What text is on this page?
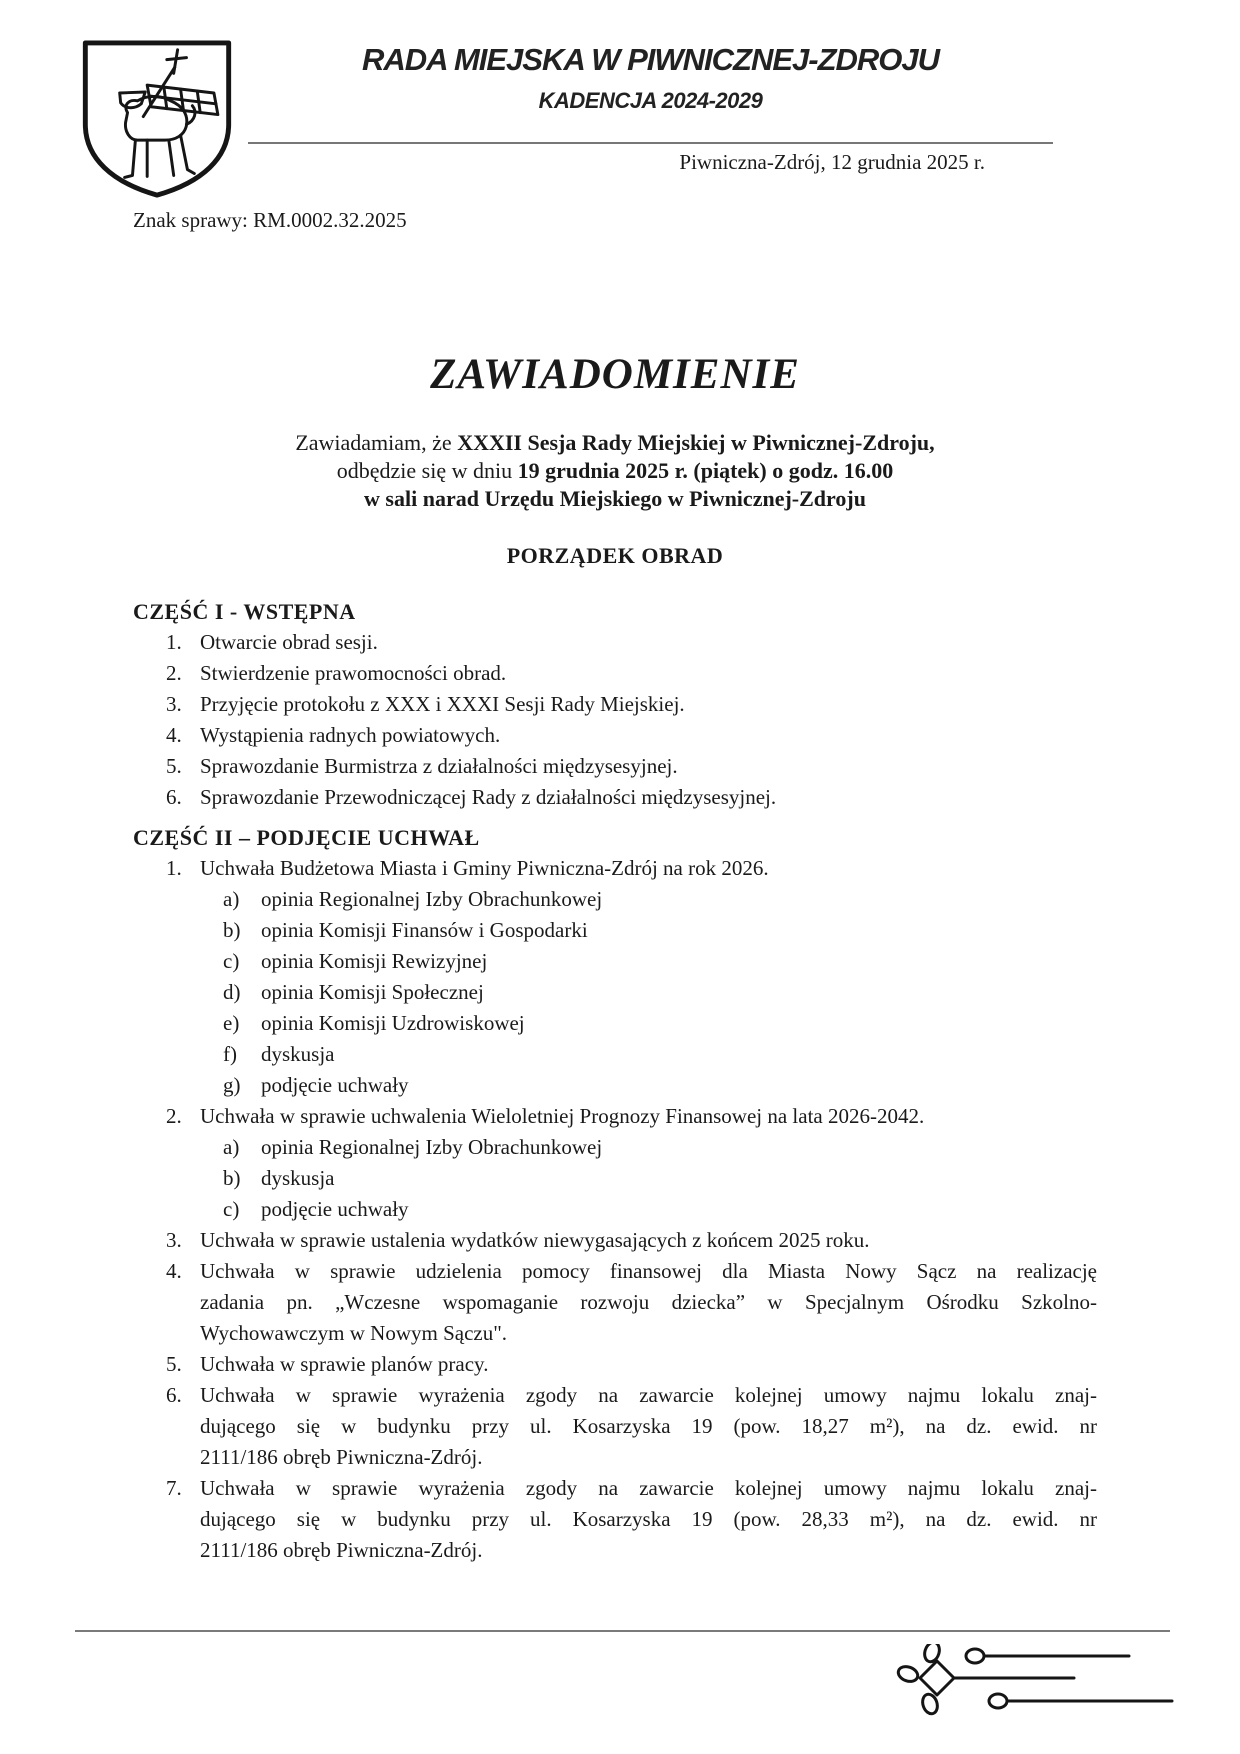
RADA MIEJSKA W PIWNICZNEJ-ZDROJU
KADENCJA 2024-2029
Piwniczna-Zdrój, 12 grudnia 2025 r.
Znak sprawy: RM.0002.32.2025
ZAWIADOMIENIE
Zawiadamiam, że XXXII Sesja Rady Miejskiej w Piwnicznej-Zdroju,
odbędzie się w dniu 19 grudnia 2025 r. (piątek) o godz. 16.00
w sali narad Urzędu Miejskiego w Piwnicznej-Zdroju
PORZĄDEK OBRAD
CZĘŚĆ I - WSTĘPNA
1. Otwarcie obrad sesji.
2. Stwierdzenie prawomocności obrad.
3. Przyjęcie protokołu z XXX i XXXI Sesji Rady Miejskiej.
4. Wystąpienia radnych powiatowych.
5. Sprawozdanie Burmistrza z działalności międzysesyjnej.
6. Sprawozdanie Przewodniczącej Rady z działalności międzysesyjnej.
CZĘŚĆ II – PODJĘCIE UCHWAŁ
1. Uchwała Budżetowa Miasta i Gminy Piwniczna-Zdrój na rok 2026.
a)	opinia Regionalnej Izby Obrachunkowej
b) opinia Komisji Finansów i Gospodarki
c)	opinia Komisji Rewizyjnej
d) opinia Komisji Społecznej
e)	opinia Komisji Uzdrowiskowej
f)	dyskusja
g) podjęcie uchwały
2. Uchwała w sprawie uchwalenia Wieloletniej Prognozy Finansowej na lata 2026-2042.
a)	opinia Regionalnej Izby Obrachunkowej
b) dyskusja
c)	podjęcie uchwały
3. Uchwała w sprawie ustalenia wydatków niewygasających z końcem 2025 roku.
4. Uchwała w sprawie udzielenia pomocy finansowej dla Miasta Nowy Sącz na realizację
zadania pn. „Wczesne wspomaganie rozwoju dziecka” w Specjalnym Ośrodku Szkolno-
Wychowawczym w Nowym Sączu".
5. Uchwała w sprawie planów pracy.
6. Uchwała w sprawie wyrażenia zgody na zawarcie kolejnej umowy najmu lokalu znaj-
dującego się w budynku przy ul. Kosarzyska 19 (pow. 18,27 m²), na dz. ewid. nr
2111/186 obręb Piwniczna-Zdrój.
7. Uchwała w sprawie wyrażenia zgody na zawarcie kolejnej umowy najmu lokalu znaj-
dującego się w budynku przy ul. Kosarzyska 19 (pow. 28,33 m²), na dz. ewid. nr
2111/186 obręb Piwniczna-Zdrój.
